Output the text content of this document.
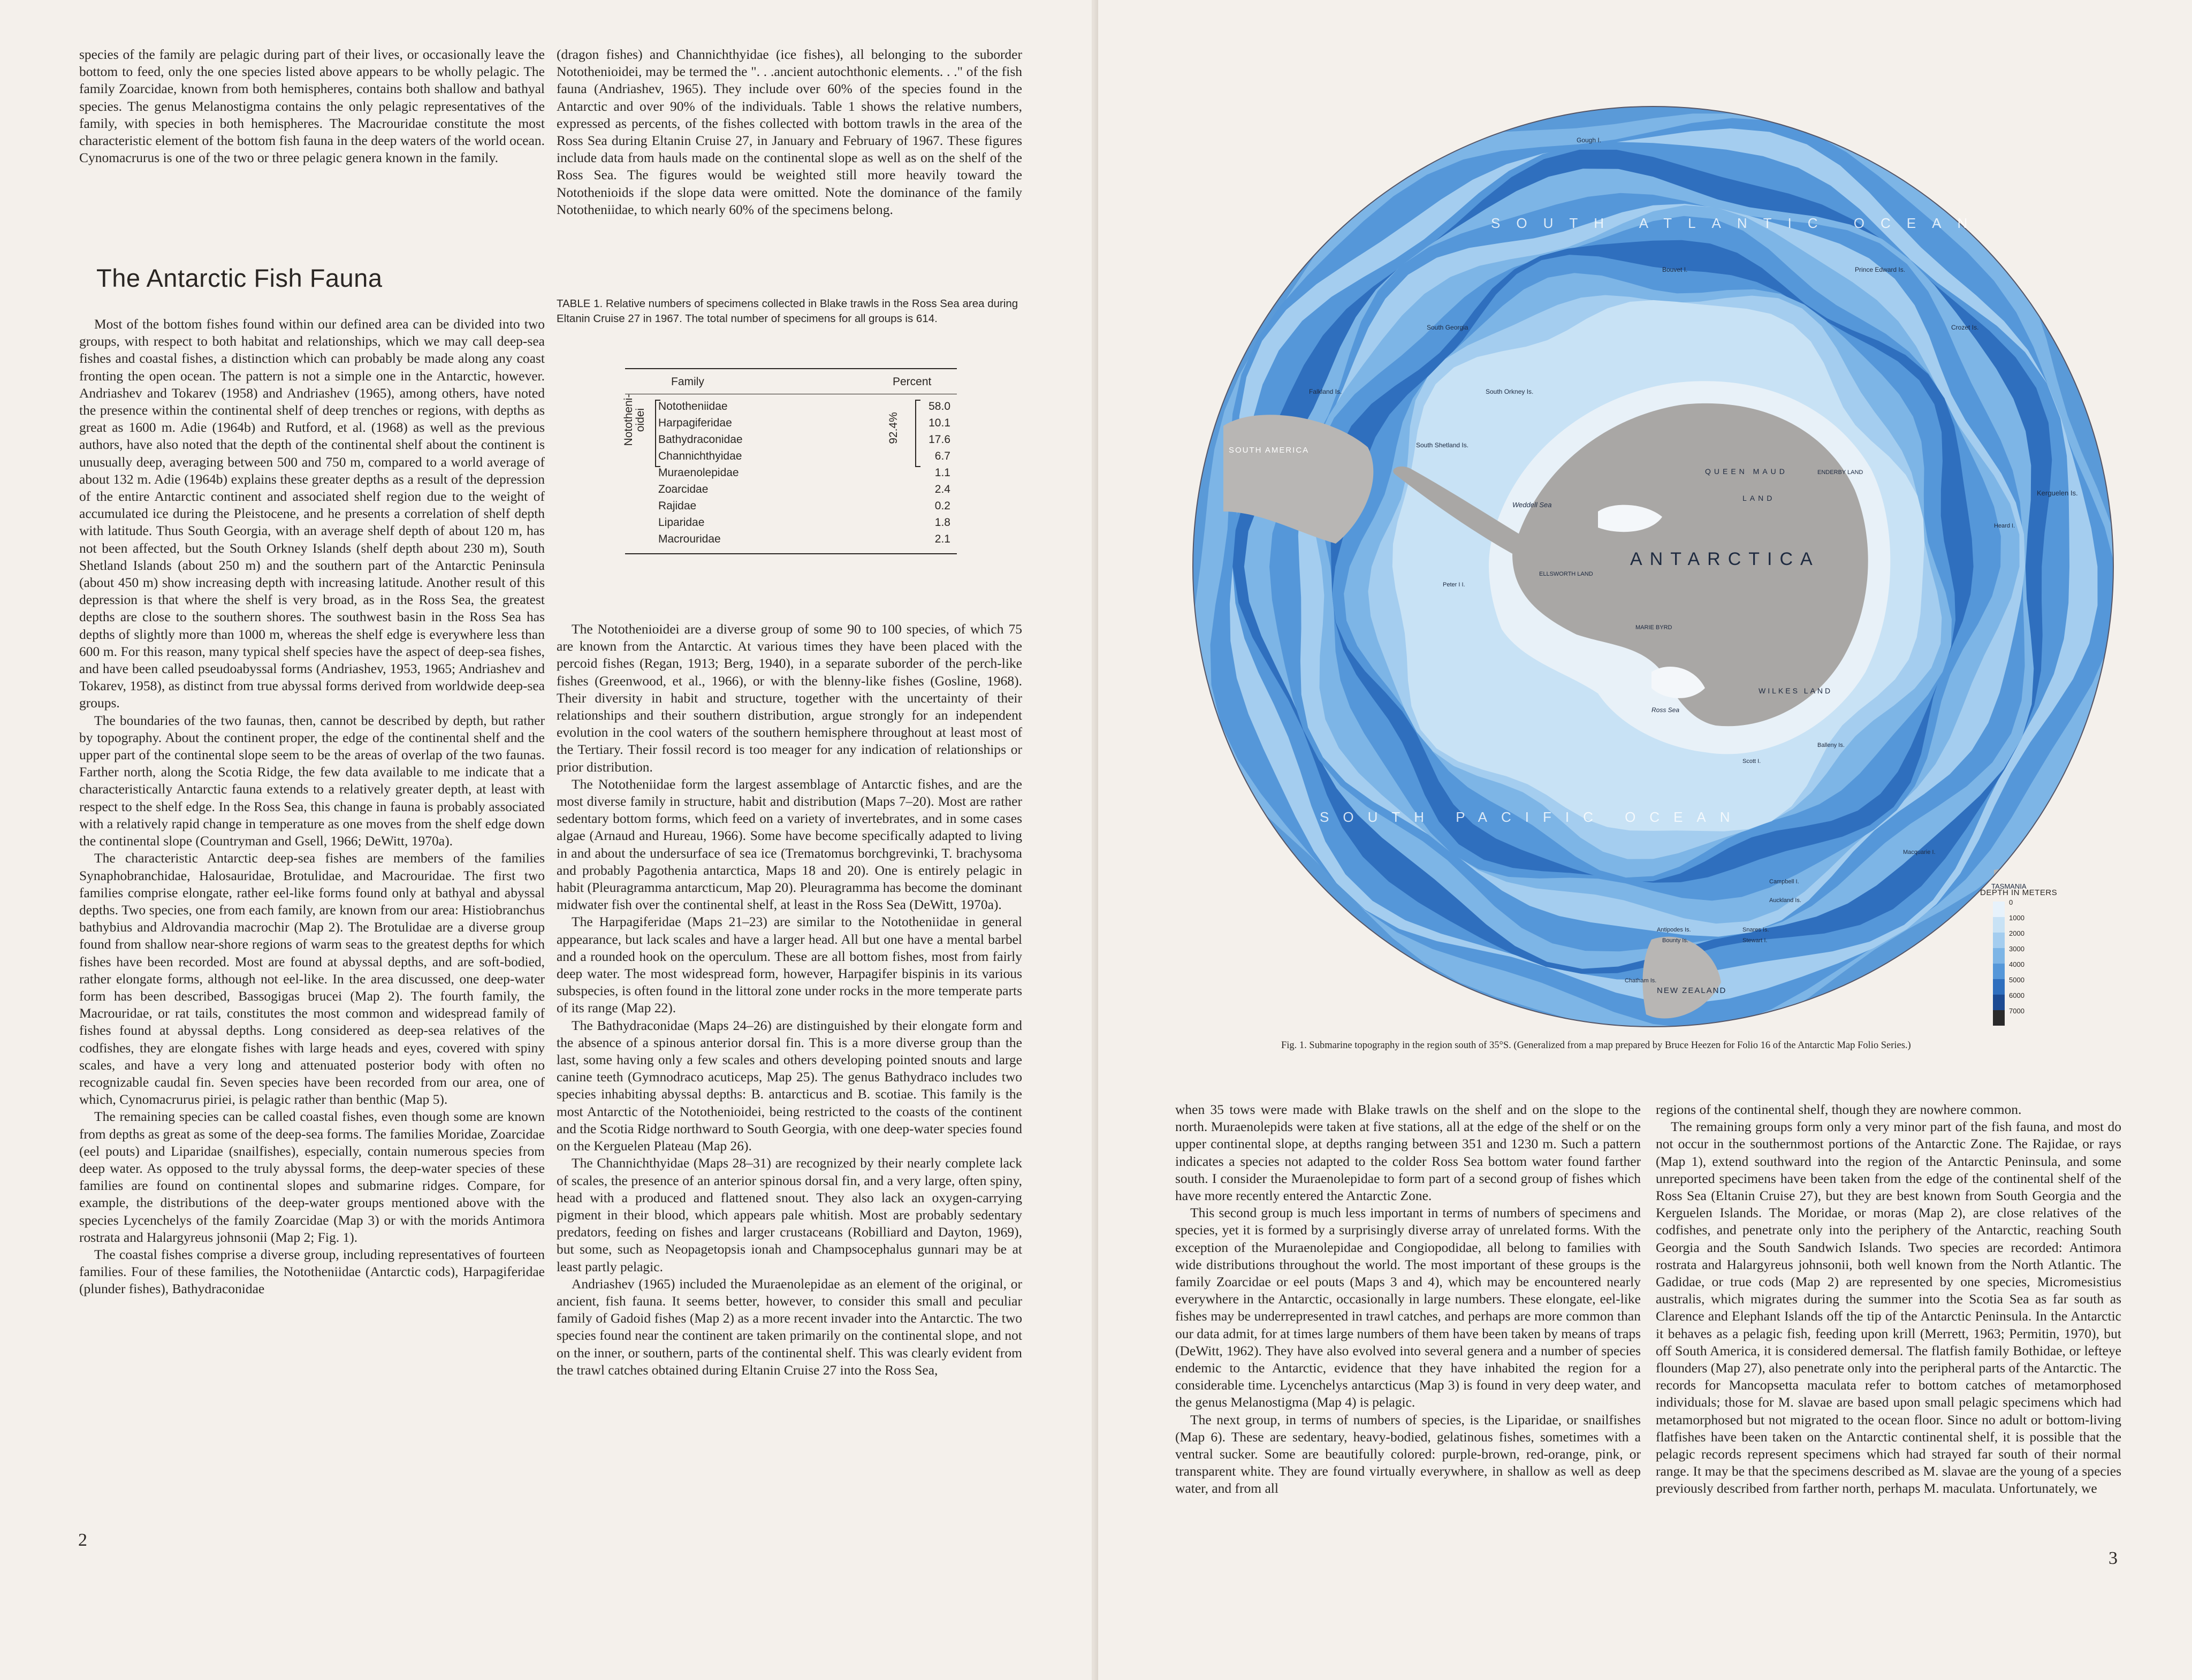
species of the family are pelagic during part of their lives, or occasionally leave the bottom to feed, only the one species listed above appears to be wholly pelagic. The family Zoarcidae, known from both hemispheres, contains both shallow and bathyal species. The genus Melanostigma contains the only pelagic representatives of the family, with species in both hemispheres. The Macrouridae constitute the most characteristic element of the bottom fish fauna in the deep waters of the world ocean. Cynomacrurus is one of the two or three pelagic genera known in the family.

The Antarctic Fish Fauna

Most of the bottom fishes found within our defined area can be divided into two groups, with respect to both habitat and relationships, which we may call deep-sea fishes and coastal fishes, a distinction which can probably be made along any coast fronting the open ocean. The pattern is not a simple one in the Antarctic, however. Andriashev and Tokarev (1958) and Andriashev (1965), among others, have noted the presence within the continental shelf of deep trenches or regions, with depths as great as 1600 m. Adie (1964b) and Rutford, et al. (1968) as well as the previous authors, have also noted that the depth of the continental shelf about the continent is unusually deep, averaging between 500 and 750 m, compared to a world average of about 132 m. Adie (1964b) explains these greater depths as a result of the depression of the entire Antarctic continent and associated shelf region due to the weight of accumulated ice during the Pleistocene, and he presents a correlation of shelf depth with latitude. Thus South Georgia, with an average shelf depth of about 120 m, has not been affected, but the South Orkney Islands (shelf depth about 230 m), South Shetland Islands (about 250 m) and the southern part of the Antarctic Peninsula (about 450 m) show increasing depth with increasing latitude. Another result of this depression is that where the shelf is very broad, as in the Ross Sea, the greatest depths are close to the southern shores. The southwest basin in the Ross Sea has depths of slightly more than 1000 m, whereas the shelf edge is everywhere less than 600 m. For this reason, many typical shelf species have the aspect of deep-sea fishes, and have been called pseudoabyssal forms (Andriashev, 1953, 1965; Andriashev and Tokarev, 1958), as distinct from true abyssal forms derived from worldwide deep-sea groups.

The boundaries of the two faunas, then, cannot be described by depth, but rather by topography. About the continent proper, the edge of the continental shelf and the upper part of the continental slope seem to be the areas of overlap of the two faunas. Farther north, along the Scotia Ridge, the few data available to me indicate that a characteristically Antarctic fauna extends to a relatively greater depth, at least with respect to the shelf edge. In the Ross Sea, this change in fauna is probably associated with a relatively rapid change in temperature as one moves from the shelf edge down the continental slope (Countryman and Gsell, 1966; DeWitt, 1970a).

The characteristic Antarctic deep-sea fishes are members of the families Synaphobranchidae, Halosauridae, Brotulidae, and Macrouridae. The first two families comprise elongate, rather eel-like forms found only at bathyal and abyssal depths. Two species, one from each family, are known from our area: Histiobranchus bathybius and Aldrovandia macrochir (Map 2). The Brotulidae are a diverse group found from shallow near-shore regions of warm seas to the greatest depths for which fishes have been recorded. Most are found at abyssal depths, and are soft-bodied, rather elongate forms, although not eel-like. In the area discussed, one deep-water form has been described, Bassogigas brucei (Map 2). The fourth family, the Macrouridae, or rat tails, constitutes the most common and widespread family of fishes found at abyssal depths. Long considered as deep-sea relatives of the codfishes, they are elongate fishes with large heads and eyes, covered with spiny scales, and have a very long and attenuated posterior body with often no recognizable caudal fin. Seven species have been recorded from our area, one of which, Cynomacrurus piriei, is pelagic rather than benthic (Map 5).

The remaining species can be called coastal fishes, even though some are known from depths as great as some of the deep-sea forms. The families Moridae, Zoarcidae (eel pouts) and Liparidae (snailfishes), especially, contain numerous species from deep water. As opposed to the truly abyssal forms, the deep-water species of these families are found on continental slopes and submarine ridges. Compare, for example, the distributions of the deep-water groups mentioned above with the species Lycenchelys of the family Zoarcidae (Map 3) or with the morids Antimora rostrata and Halargyreus johnsonii (Map 2; Fig. 1).

The coastal fishes comprise a diverse group, including representatives of fourteen families. Four of these families, the Nototheniidae (Antarctic cods), Harpagiferidae (plunder fishes), Bathydraconidae

2

(dragon fishes) and Channichthyidae (ice fishes), all belonging to the suborder Notothenioidei, may be termed the ". . .ancient autochthonic elements. . ." of the fish fauna (Andriashev, 1965). They include over 60% of the species found in the Antarctic and over 90% of the individuals. Table 1 shows the relative numbers, expressed as percents, of the fishes collected with bottom trawls in the area of the Ross Sea during Eltanin Cruise 27, in January and February of 1967. These figures include data from hauls made on the continental slope as well as on the shelf of the Ross Sea. The figures would be weighted still more heavily toward the Notothenioids if the slope data were omitted. Note the dominance of the family Nototheniidae, to which nearly 60% of the specimens belong.

TABLE 1. Relative numbers of specimens collected in Blake trawls in the Ross Sea area during Eltanin Cruise 27 in 1967. The total number of specimens for all groups is 614.
Family	Percent
Nototheni-oidei	92.4%
Nototheniidae	58.0
Harpagiferidae	10.1
Bathydraconidae	17.6
Channichthyidae	6.7
Muraenolepidae	1.1
Zoarcidae	2.4
Rajidae	0.2
Liparidae	1.8
Macrouridae	2.1

The Notothenioidei are a diverse group of some 90 to 100 species, of which 75 are known from the Antarctic. At various times they have been placed with the percoid fishes (Regan, 1913; Berg, 1940), in a separate suborder of the perch-like fishes (Greenwood, et al., 1966), or with the blenny-like fishes (Gosline, 1968). Their diversity in habit and structure, together with the uncertainty of their relationships and their southern distribution, argue strongly for an independent evolution in the cool waters of the southern hemisphere throughout at least most of the Tertiary. Their fossil record is too meager for any indication of relationships or prior distribution.

The Nototheniidae form the largest assemblage of Antarctic fishes, and are the most diverse family in structure, habit and distribution (Maps 7–20). Most are rather sedentary bottom forms, which feed on a variety of invertebrates, and in some cases algae (Arnaud and Hureau, 1966). Some have become specifically adapted to living in and about the undersurface of sea ice (Trematomus borchgrevinki, T. brachysoma and probably Pagothenia antarctica, Maps 18 and 20). One is entirely pelagic in habit (Pleuragramma antarcticum, Map 20). Pleuragramma has become the dominant midwater fish over the continental shelf, at least in the Ross Sea (DeWitt, 1970a).

The Harpagiferidae (Maps 21–23) are similar to the Nototheniidae in general appearance, but lack scales and have a larger head. All but one have a mental barbel and a rounded hook on the operculum. These are all bottom fishes, most from fairly deep water. The most widespread form, however, Harpagifer bispinis in its various subspecies, is often found in the littoral zone under rocks in the more temperate parts of its range (Map 22).

The Bathydraconidae (Maps 24–26) are distinguished by their elongate form and the absence of a spinous anterior dorsal fin. This is a more diverse group than the last, some having only a few scales and others developing pointed snouts and large canine teeth (Gymnodraco acuticeps, Map 25). The genus Bathydraco includes two species inhabiting abyssal depths: B. antarcticus and B. scotiae. This family is the most Antarctic of the Notothenioidei, being restricted to the coasts of the continent and the Scotia Ridge northward to South Georgia, with one deep-water species found on the Kerguelen Plateau (Map 26).

The Channichthyidae (Maps 28–31) are recognized by their nearly complete lack of scales, the presence of an anterior spinous dorsal fin, and a very large, often spiny, head with a produced and flattened snout. They also lack an oxygen-carrying pigment in their blood, which appears pale whitish. Most are probably sedentary predators, feeding on fishes and larger crustaceans (Robilliard and Dayton, 1969), but some, such as Neopagetopsis ionah and Champsocephalus gunnari may be at least partly pelagic.

Andriashev (1965) included the Muraenolepidae as an element of the original, or ancient, fish fauna. It seems better, however, to consider this small and peculiar family of Gadoid fishes (Map 2) as a more recent invader into the Antarctic. The two species found near the continent are taken primarily on the continental slope, and not on the inner, or southern, parts of the continental shelf. This was clearly evident from the trawl catches obtained during Eltanin Cruise 27 into the Ross Sea,

ANTARCTICA
QUEEN MAUD
LAND
ENDERBY LAND
ELLSWORTH LAND
MARIE BYRD
WILKES LAND
SOUTH AMERICA
NEW ZEALAND
TASMANIA
SOUTH ATLANTIC OCEAN
SOUTH PACIFIC OCEAN
Weddell Sea
Ross Sea
Gough I.
Bouvet I.	Prince Edward Is.
Crozet Is.
Kerguelen Is.
Heard I.
South Georgia
South Orkney Is.
South Shetland Is.
Falkland Is.
Peter I I.
Scott I.
Balleny Is.
Macquarie I.
Campbell I.
Auckland Is.
Antipodes Is.
Bounty Is.
Chatham Is.
Snares Is.
Stewart I.
DEPTH IN METERS
0
1000
2000
3000
4000
5000
6000
7000
Fig. 1. Submarine topography in the region south of 35°S. (Generalized from a map prepared by Bruce Heezen for Folio 16 of the Antarctic Map Folio Series.)

when 35 tows were made with Blake trawls on the shelf and on the slope to the north. Muraenolepids were taken at five stations, all at the edge of the shelf or on the upper continental slope, at depths ranging between 351 and 1230 m. Such a pattern indicates a species not adapted to the colder Ross Sea bottom water found farther south. I consider the Muraenolepidae to form part of a second group of fishes which have more recently entered the Antarctic Zone.

This second group is much less important in terms of numbers of specimens and species, yet it is formed by a surprisingly diverse array of unrelated forms. With the exception of the Muraenolepidae and Congiopodidae, all belong to families with wide distributions throughout the world. The most important of these groups is the family Zoarcidae or eel pouts (Maps 3 and 4), which may be encountered nearly everywhere in the Antarctic, occasionally in large numbers. These elongate, eel-like fishes may be underrepresented in trawl catches, and perhaps are more common than our data admit, for at times large numbers of them have been taken by means of traps (DeWitt, 1962). They have also evolved into several genera and a number of species endemic to the Antarctic, evidence that they have inhabited the region for a considerable time. Lycenchelys antarcticus (Map 3) is found in very deep water, and the genus Melanostigma (Map 4) is pelagic.

The next group, in terms of numbers of species, is the Liparidae, or snailfishes (Map 6). These are sedentary, heavy-bodied, gelatinous fishes, sometimes with a ventral sucker. Some are beautifully colored: purple-brown, red-orange, pink, or transparent white. They are found virtually everywhere, in shallow as well as deep water, and from all

regions of the continental shelf, though they are nowhere common.

The remaining groups form only a very minor part of the fish fauna, and most do not occur in the southernmost portions of the Antarctic Zone. The Rajidae, or rays (Map 1), extend southward into the region of the Antarctic Peninsula, and some unreported specimens have been taken from the edge of the continental shelf of the Ross Sea (Eltanin Cruise 27), but they are best known from South Georgia and the Kerguelen Islands. The Moridae, or moras (Map 2), are close relatives of the codfishes, and penetrate only into the periphery of the Antarctic, reaching South Georgia and the South Sandwich Islands. Two species are recorded: Antimora rostrata and Halargyreus johnsonii, both well known from the North Atlantic. The Gadidae, or true cods (Map 2) are represented by one species, Micromesistius australis, which migrates during the summer into the Scotia Sea as far south as Clarence and Elephant Islands off the tip of the Antarctic Peninsula. In the Antarctic it behaves as a pelagic fish, feeding upon krill (Merrett, 1963; Permitin, 1970), but off South America, it is considered demersal. The flatfish family Bothidae, or lefteye flounders (Map 27), also penetrate only into the peripheral parts of the Antarctic. The records for Mancopsetta maculata refer to bottom catches of metamorphosed individuals; those for M. slavae are based upon small pelagic specimens which had metamorphosed but not migrated to the ocean floor. Since no adult or bottom-living flatfishes have been taken on the Antarctic continental shelf, it is possible that the pelagic records represent specimens which had strayed far south of their normal range. It may be that the specimens described as M. slavae are the young of a species previously described from farther north, perhaps M. maculata. Unfortunately, we

3
